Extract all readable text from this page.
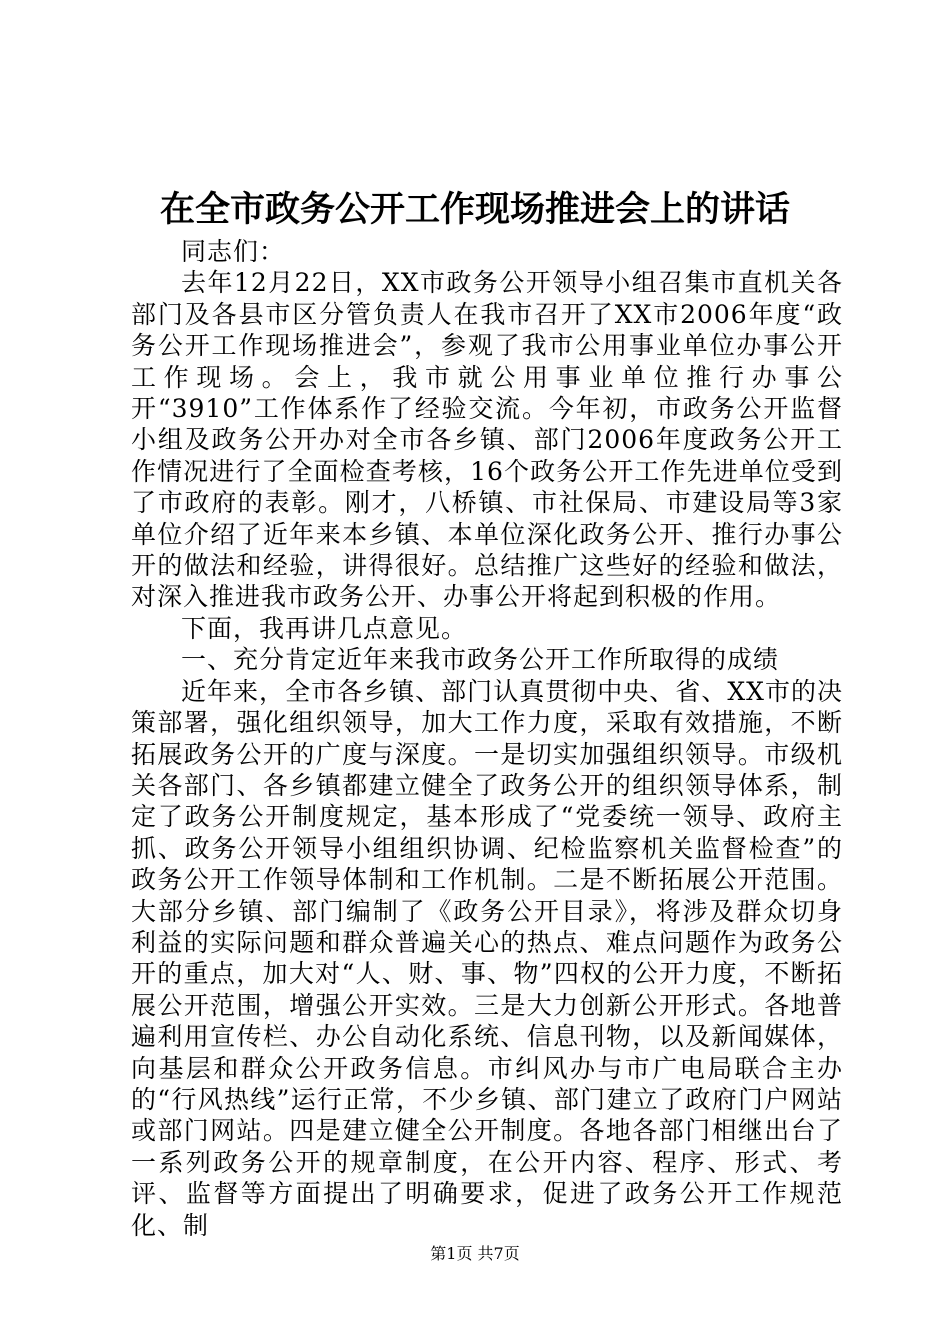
在全市政务公开工作现场推进会上的讲话

同志们：

去年12月22日，XX市政务公开领导小组召集市直机关各部门及各县市区分管负责人在我市召开了XX市2006年度“政务公开工作现场推进会”，参观了我市公用事业单位办事公开工作现场。会上，我市就公用事业单位推行办事公开“3910”工作体系作了经验交流。今年初，市政务公开监督小组及政务公开办对全市各乡镇、部门2006年度政务公开工作情况进行了全面检查考核，16个政务公开工作先进单位受到了市政府的表彰。刚才，八桥镇、市社保局、市建设局等3家单位介绍了近年来本乡镇、本单位深化政务公开、推行办事公开的做法和经验，讲得很好。总结推广这些好的经验和做法，对深入推进我市政务公开、办事公开将起到积极的作用。

下面，我再讲几点意见。

一、充分肯定近年来我市政务公开工作所取得的成绩

近年来，全市各乡镇、部门认真贯彻中央、省、XX市的决策部署，强化组织领导，加大工作力度，采取有效措施，不断拓展政务公开的广度与深度。一是切实加强组织领导。市级机关各部门、各乡镇都建立健全了政务公开的组织领导体系，制定了政务公开制度规定，基本形成了“党委统一领导、政府主抓、政务公开领导小组组织协调、纪检监察机关监督检查”的政务公开工作领导体制和工作机制。二是不断拓展公开范围。大部分乡镇、部门编制了《政务公开目录》，将涉及群众切身利益的实际问题和群众普遍关心的热点、难点问题作为政务公开的重点，加大对“人、财、事、物”四权的公开力度，不断拓展公开范围，增强公开实效。三是大力创新公开形式。各地普遍利用宣传栏、办公自动化系统、信息刊物，以及新闻媒体，向基层和群众公开政务信息。市纠风办与市广电局联合主办的“行风热线”运行正常，不少乡镇、部门建立了政府门户网站或部门网站。四是建立健全公开制度。各地各部门相继出台了一系列政务公开的规章制度，在公开内容、程序、形式、考评、监督等方面提出了明确要求，促进了政务公开工作规范化、制

第1页 共7页
